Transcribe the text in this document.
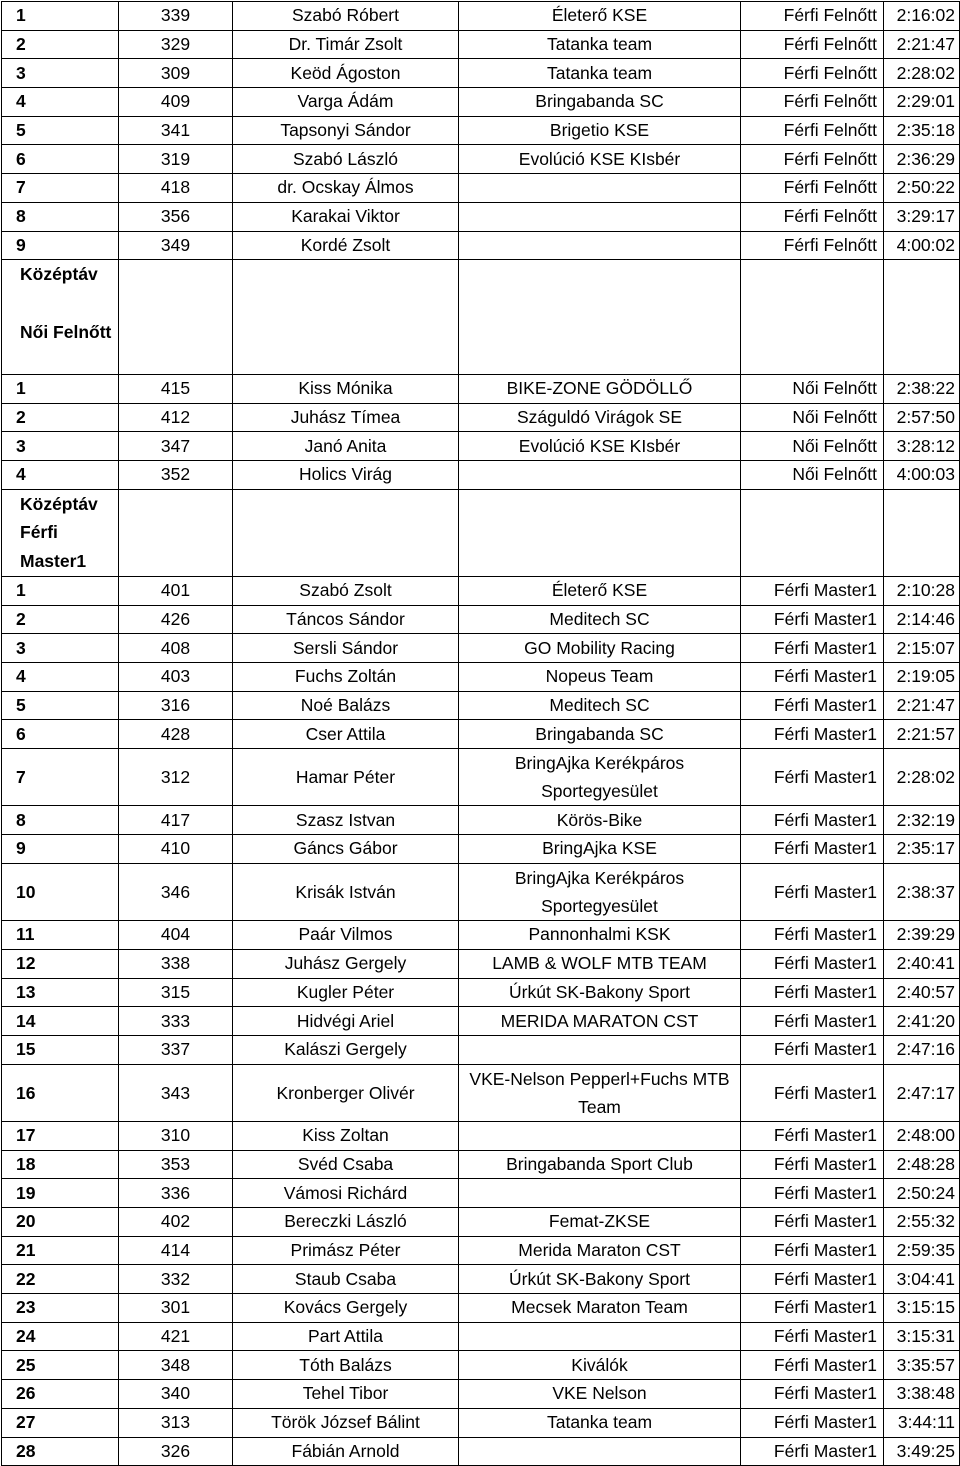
1	339	Szabó Róbert	Életerő KSE	Férfi Felnőtt	2:16:02
2	329	Dr. Timár Zsolt	Tatanka team	Férfi Felnőtt	2:21:47
3	309	Keöd Ágoston	Tatanka team	Férfi Felnőtt	2:28:02
4	409	Varga Ádám	Bringabanda SC	Férfi Felnőtt	2:29:01
5	341	Tapsonyi Sándor	Brigetio KSE	Férfi Felnőtt	2:35:18
6	319	Szabó László	Evolúció KSE KIsbér	Férfi Felnőtt	2:36:29
7	418	dr. Ocskay Álmos		Férfi Felnőtt	2:50:22
8	356	Karakai Viktor		Férfi Felnőtt	3:29:17
9	349	Kordé Zsolt		Férfi Felnőtt	4:00:02

Középtáv
Női Felnőtt					

1	415	Kiss Mónika	BIKE-ZONE GÖDÖLLŐ	Női Felnőtt	2:38:22
2	412	Juhász Tímea	Száguldó Virágok SE	Női Felnőtt	2:57:50
3	347	Janó Anita	Evolúció KSE KIsbér	Női Felnőtt	3:28:12
4	352	Holics Virág		Női Felnőtt	4:00:03

Középtáv
Férfi
Master1					

1	401	Szabó Zsolt	Életerő KSE	Férfi Master1	2:10:28
2	426	Táncos Sándor	Meditech SC	Férfi Master1	2:14:46
3	408	Sersli Sándor	GO Mobility Racing	Férfi Master1	2:15:07
4	403	Fuchs Zoltán	Nopeus Team	Férfi Master1	2:19:05
5	316	Noé Balázs	Meditech SC	Férfi Master1	2:21:47
6	428	Cser Attila	Bringabanda SC	Férfi Master1	2:21:57
7	312	Hamar Péter	BringAjka Kerékpáros Sportegyesület	Férfi Master1	2:28:02
8	417	Szasz Istvan	Körös-Bike	Férfi Master1	2:32:19
9	410	Gáncs Gábor	BringAjka KSE	Férfi Master1	2:35:17
10	346	Krisák István	BringAjka Kerékpáros Sportegyesület	Férfi Master1	2:38:37
11	404	Paár Vilmos	Pannonhalmi KSK	Férfi Master1	2:39:29
12	338	Juhász Gergely	LAMB & WOLF MTB TEAM	Férfi Master1	2:40:41
13	315	Kugler Péter	Úrkút SK-Bakony Sport	Férfi Master1	2:40:57
14	333	Hidvégi Ariel	MERIDA MARATON CST	Férfi Master1	2:41:20
15	337	Kalászi Gergely		Férfi Master1	2:47:16
16	343	Kronberger Olivér	VKE-Nelson Pepperl+Fuchs MTB Team	Férfi Master1	2:47:17
17	310	Kiss Zoltan		Férfi Master1	2:48:00
18	353	Svéd Csaba	Bringabanda Sport Club	Férfi Master1	2:48:28
19	336	Vámosi Richárd		Férfi Master1	2:50:24
20	402	Bereczki László	Femat-ZKSE	Férfi Master1	2:55:32
21	414	Primász Péter	Merida Maraton CST	Férfi Master1	2:59:35
22	332	Staub Csaba	Úrkút SK-Bakony Sport	Férfi Master1	3:04:41
23	301	Kovács Gergely	Mecsek Maraton Team	Férfi Master1	3:15:15
24	421	Part Attila		Férfi Master1	3:15:31
25	348	Tóth Balázs	Kiválók	Férfi Master1	3:35:57
26	340	Tehel Tibor	VKE Nelson	Férfi Master1	3:38:48
27	313	Török József Bálint	Tatanka team	Férfi Master1	3:44:11
28	326	Fábián Arnold		Férfi Master1	3:49:25
